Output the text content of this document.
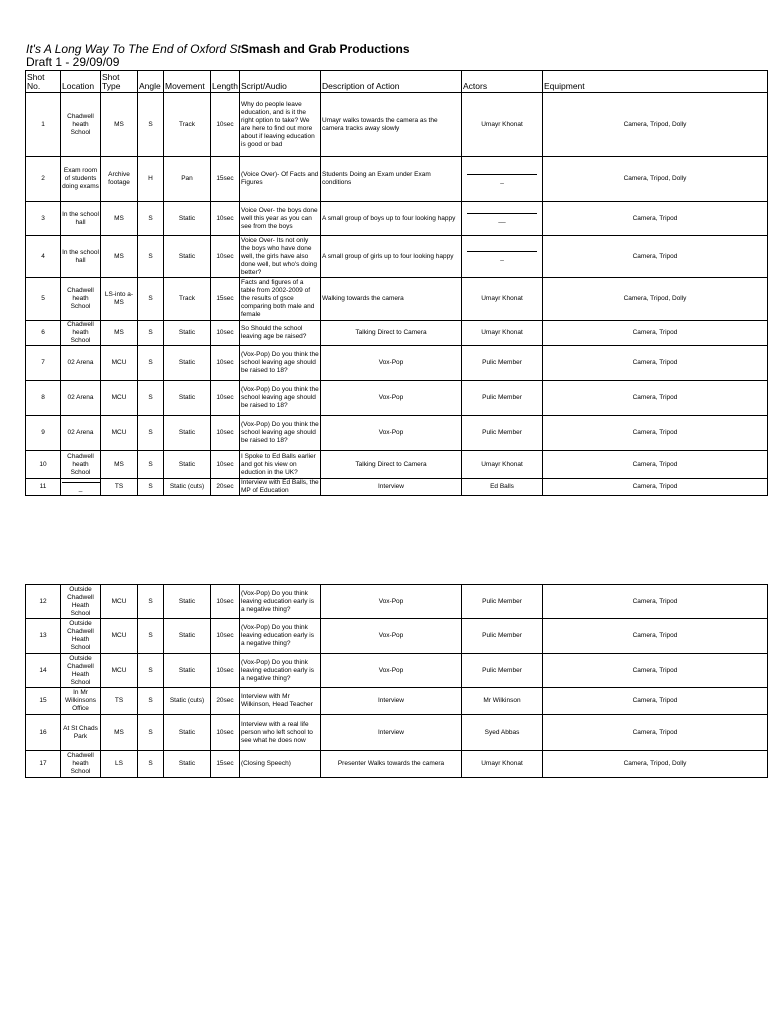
It's A Long Way To The End of Oxford StSmash and Grab Productions
Draft 1 - 29/09/09
Shot No.	Location	Shot Type	Angle	Movement	Length	Script/Audio	Description of Action	Actors	Equipment
1	Chadwell heath School	MS	S	Track	10sec	Why do people leave education, and is it the right option to take? We are here to find out more about if leaving education is good or bad	Umayr walks towards the camera as the camera tracks away slowly	Umayr Khonat	Camera, Tripod, Dolly
2	Exam room of students doing exams	Archive footage	H	Pan	15sec	(Voice Over)- Of Facts and Figures	Students Doing an Exam under Exam conditions	_	Camera, Tripod, Dolly
3	In the school hall	MS	S	Static	10sec	Voice Over- the boys done well this year as you can see from the boys	A small group of boys up to four looking happy	__	Camera, Tripod
4	In the school hall	MS	S	Static	10sec	Voice Over- Its not only the boys who have done well, the girls have also done well, but who's doing better?	A small group of girls up to four looking happy	_	Camera, Tripod
5	Chadwell heath School	LS-into a-MS	S	Track	15sec	Facts and figures of a table from 2002-2009 of the results of gsce comparing both male and female	Walking towards the camera	Umayr Khonat	Camera, Tripod, Dolly
6	Chadwell heath School	MS	S	Static	10sec	So Should the school leaving age be raised?	Talking Direct to Camera	Umayr Khonat	Camera, Tripod
7	02 Arena	MCU	S	Static	10sec	(Vox-Pop) Do you think the school leaving age should be raised to 18?	Vox-Pop	Pulic Member	Camera, Tripod
8	02 Arena	MCU	S	Static	10sec	(Vox-Pop) Do you think the school leaving age should be raised to 18?	Vox-Pop	Pulic Member	Camera, Tripod
9	02 Arena	MCU	S	Static	10sec	(Vox-Pop) Do you think the school leaving age should be raised to 18?	Vox-Pop	Pulic Member	Camera, Tripod
10	Chadwell heath School	MS	S	Static	10sec	I Spoke to Ed Balls earlier and got his view on eduction in the UK?	Talking Direct to Camera	Umayr Khonat	Camera, Tripod
11	_	TS	S	Static (cuts)	20sec	Interview with Ed Balls, the MP of Education	Interview	Ed Balls	Camera, Tripod
12	Outside Chadwell Heath School	MCU	S	Static	10sec	(Vox-Pop) Do you think leaving education early is a negative thing?	Vox-Pop	Pulic Member	Camera, Tripod
13	Outside Chadwell Heath School	MCU	S	Static	10sec	(Vox-Pop) Do you think leaving education early is a negative thing?	Vox-Pop	Pulic Member	Camera, Tripod
14	Outside Chadwell Heath School	MCU	S	Static	10sec	(Vox-Pop) Do you think leaving education early is a negative thing?	Vox-Pop	Pulic Member	Camera, Tripod
15	In Mr Wilkinsons Office	TS	S	Static (cuts)	20sec	Interview with Mr Wilkinson, Head Teacher	Interview	Mr Wilkinson	Camera, Tripod
16	At St Chads Park	MS	S	Static	10sec	Interview with a real life person who left school to see what he does now	Interview	Syed Abbas	Camera, Tripod
17	Chadwell heath School	LS	S	Static	15sec	(Closing Speech)	Presenter Walks towards the camera	Umayr Khonat	Camera, Tripod, Dolly
